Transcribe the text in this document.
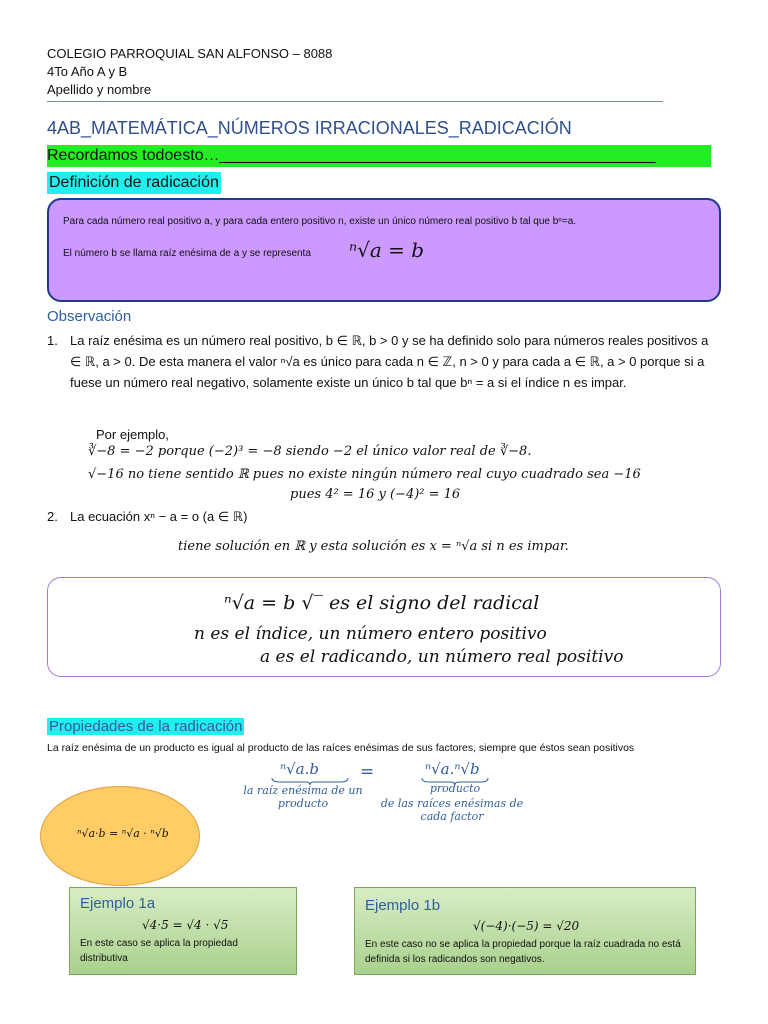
COLEGIO PARROQUIAL SAN ALFONSO – 8088
4To Año A y B
Apellido y nombre
4AB_MATEMÁTICA_NÚMEROS IRRACIONALES_RADICACIÓN
Recordamos todoesto…_________________________________________________
Definición de radicación
Para cada número real positivo a, y para cada entero positivo n, existe un único número real positivo b tal que bⁿ=a.
El número b se llama raíz enésima de a y se representa ⁿ√a = b
Observación
1. La raíz enésima es un número real positivo, b ∈ ℝ, b > 0 y se ha definido solo para números reales positivos a ∈ ℝ, a > 0. De esta manera el valor ⁿ√a es único para cada n ∈ ℤ, n > 0 y para cada a ∈ ℝ, a > 0 porque si a fuese un número real negativo, solamente existe un único b tal que bⁿ = a si el índice n es impar.
Por ejemplo,
∛−8 = −2 porque (−2)³ = −8 siendo −2 el único valor real de ∛−8.
√−16 no tiene sentido ℝ pues no existe ningún número real cuyo cuadrado sea −16
pues 4² = 16 y (−4)² = 16
2. La ecuación xⁿ − a = o (a ∈ ℝ)
tiene solución en ℝ y esta solución es x = ⁿ√a si n es impar.
ⁿ√a = b √‾ es el signo del radical
n es el índice, un número entero positivo
a es el radicando, un número real positivo
Propiedades de la radicación
La raíz enésima de un producto es igual al producto de las raíces enésimas de sus factores, siempre que éstos sean positivos
ⁿ√a.b =	ⁿ√a.ⁿ√b
la raíz enésima de un producto
producto
de las raíces enésimas de cada factor
ⁿ√a·b = ⁿ√a · ⁿ√b
Ejemplo 1a
√4·5 = √4 · √5
En este caso se aplica la propiedad distributiva
Ejemplo 1b
√(−4)·(−5) = √20
En este caso no se aplica la propiedad porque la raíz cuadrada no está definida si los radicandos son negativos.
